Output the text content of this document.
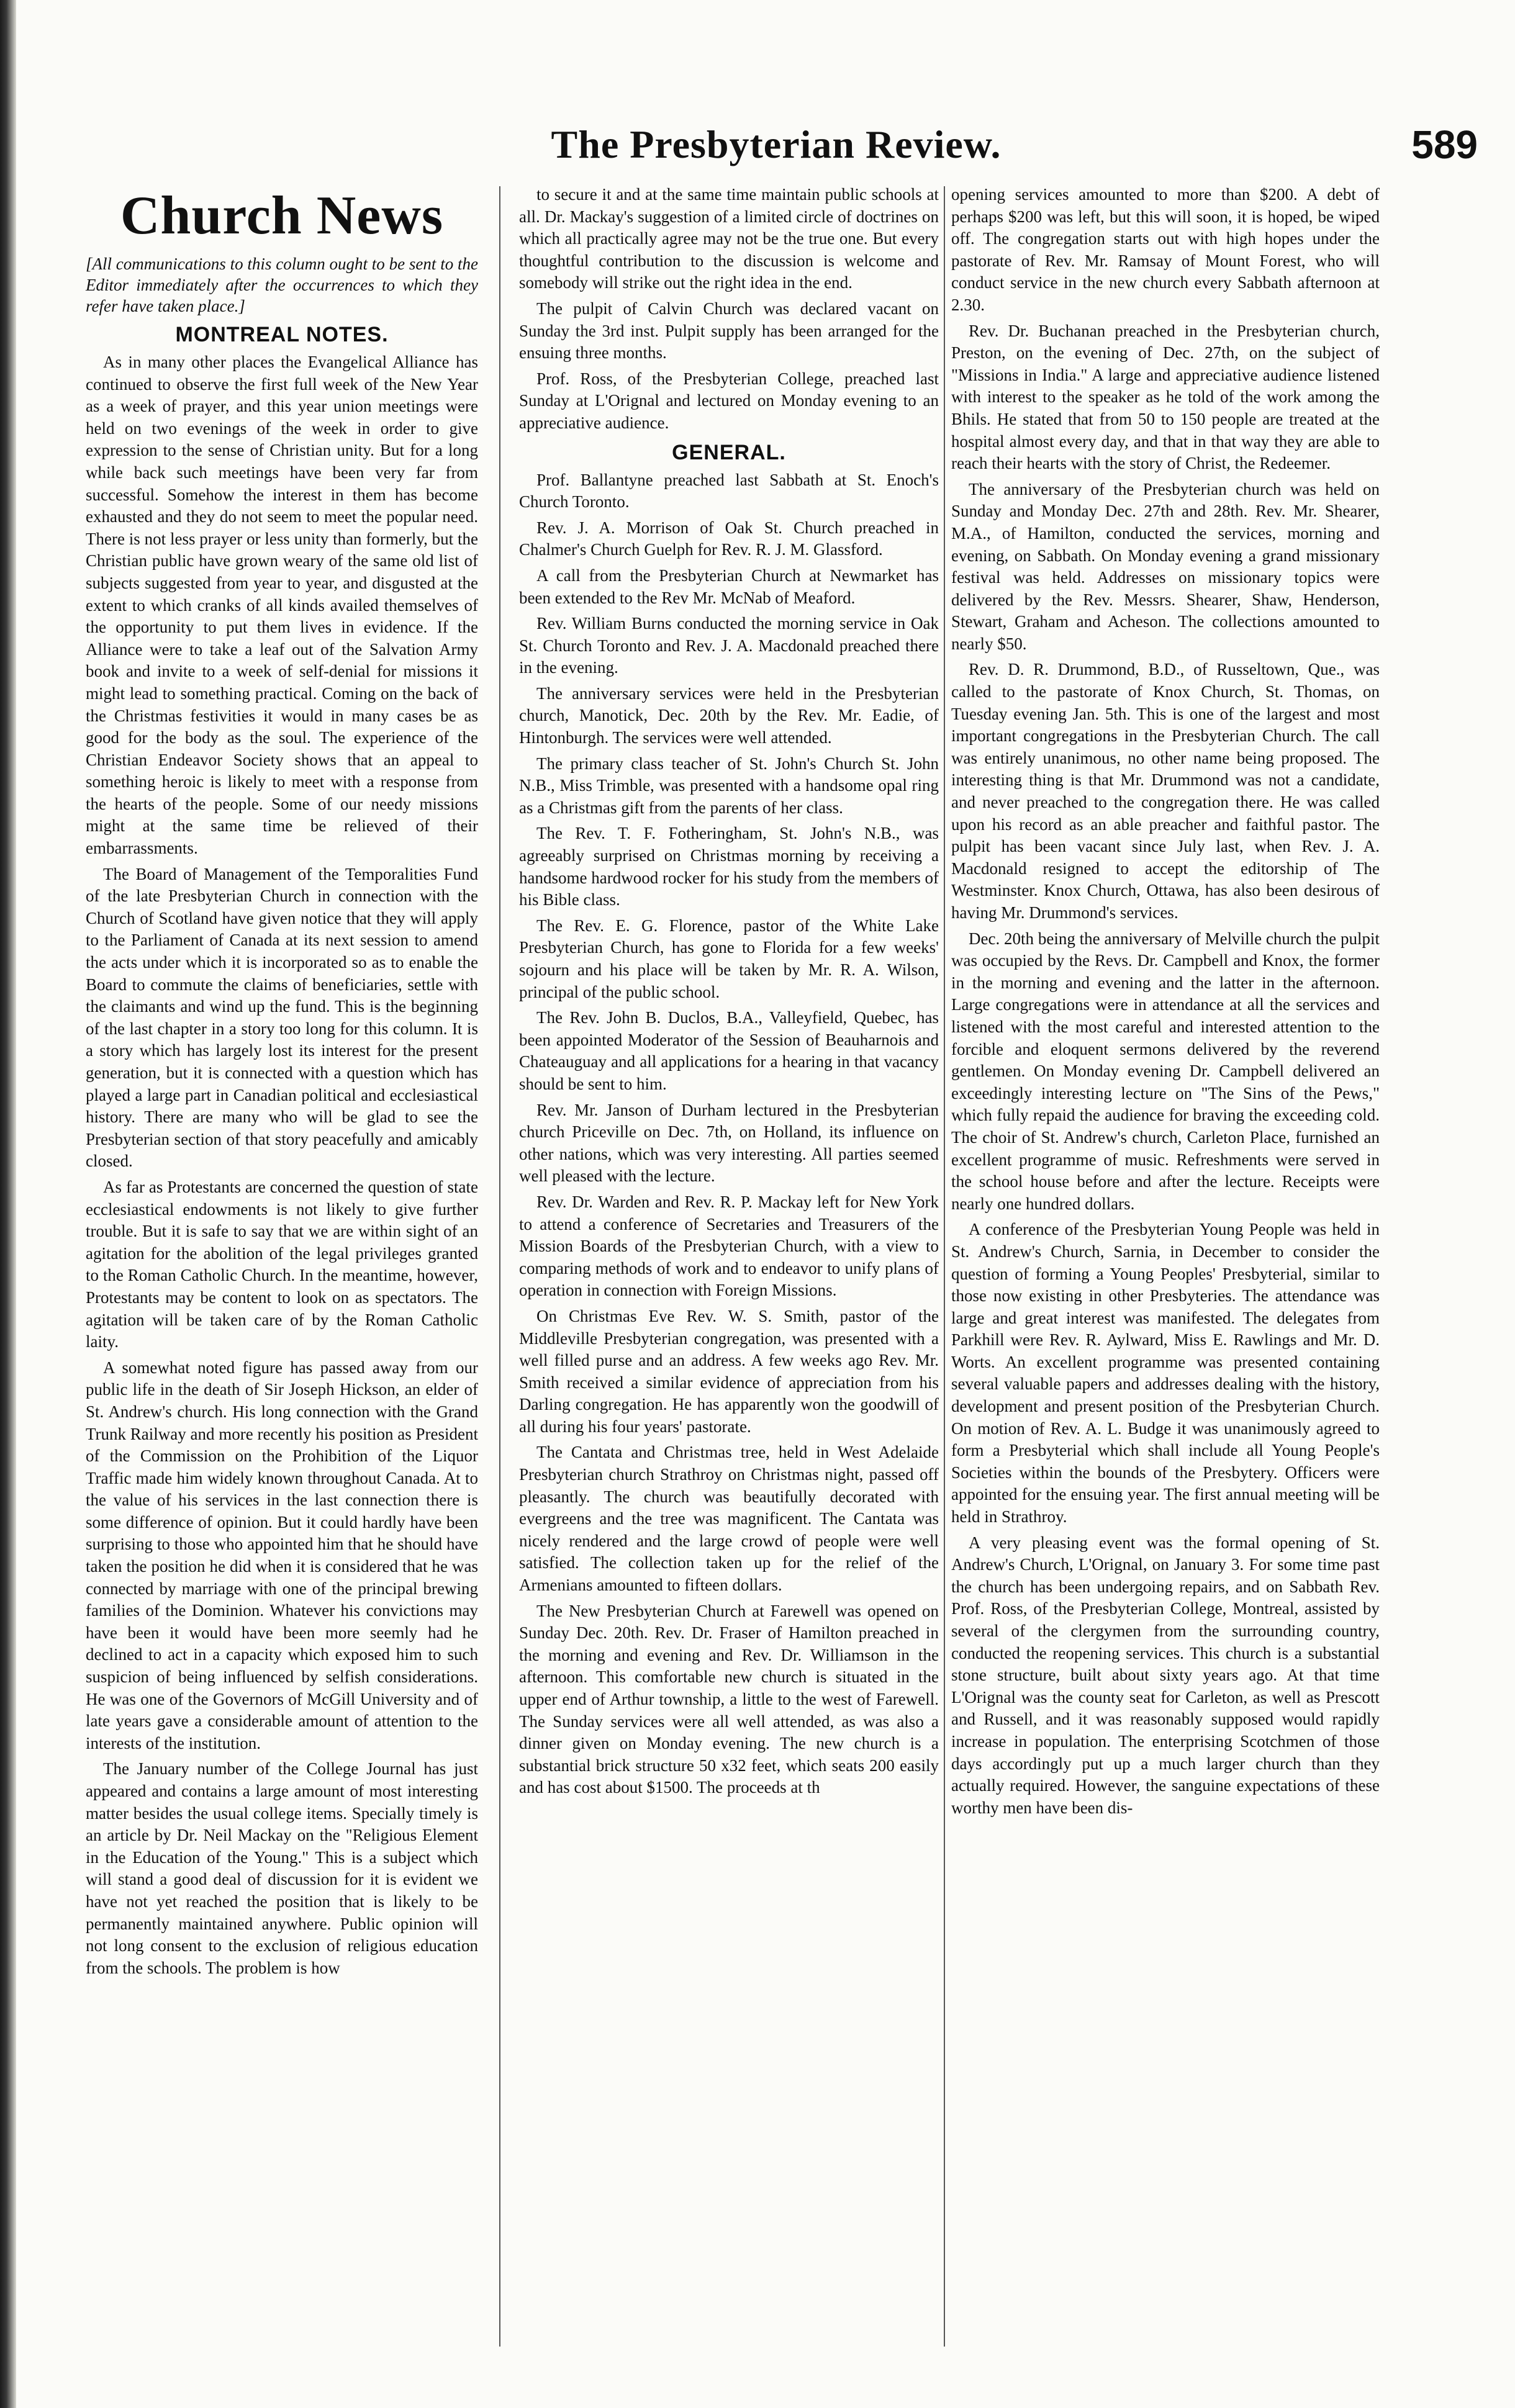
The Presbyterian Review.	589
Church News
[All communications to this column ought to be sent to the Editor immediately after the occurrences to which they refer have taken place.]
MONTREAL NOTES.

As in many other places the Evangelical Alliance has continued to observe the first full week of the New Year as a week of prayer, and this year union meetings were held on two evenings of the week in order to give expression to the sense of Christian unity. But for a long while back such meetings have been very far from successful. Somehow the interest in them has become exhausted and they do not seem to meet the popular need. There is not less prayer or less unity than formerly, but the Christian public have grown weary of the same old list of subjects suggested from year to year, and disgusted at the extent to which cranks of all kinds availed themselves of the opportunity to put them lives in evidence. If the Alliance were to take a leaf out of the Salvation Army book and invite to a week of self-denial for missions it might lead to something practical. Coming on the back of the Christmas festivities it would in many cases be as good for the body as the soul. The experience of the Christian Endeavor Society shows that an appeal to something heroic is likely to meet with a response from the hearts of the people. Some of our needy missions might at the same time be relieved of their embarrassments.

The Board of Management of the Temporalities Fund of the late Presbyterian Church in connection with the Church of Scotland have given notice that they will apply to the Parliament of Canada at its next session to amend the acts under which it is incorporated so as to enable the Board to commute the claims of beneficiaries, settle with the claimants and wind up the fund. This is the beginning of the last chapter in a story too long for this column. It is a story which has largely lost its interest for the present generation, but it is connected with a question which has played a large part in Canadian political and ecclesiastical history. There are many who will be glad to see the Presbyterian section of that story peacefully and amicably closed.

As far as Protestants are concerned the question of state ecclesiastical endowments is not likely to give further trouble. But it is safe to say that we are within sight of an agitation for the abolition of the legal privileges granted to the Roman Catholic Church. In the meantime, however, Protestants may be content to look on as spectators. The agitation will be taken care of by the Roman Catholic laity.

A somewhat noted figure has passed away from our public life in the death of Sir Joseph Hickson, an elder of St. Andrew's church. His long connection with the Grand Trunk Railway and more recently his position as President of the Commission on the Prohibition of the Liquor Traffic made him widely known throughout Canada. At to the value of his services in the last connection there is some difference of opinion. But it could hardly have been surprising to those who appointed him that he should have taken the position he did when it is considered that he was connected by marriage with one of the principal brewing families of the Dominion. Whatever his convictions may have been it would have been more seemly had he declined to act in a capacity which exposed him to such suspicion of being influenced by selfish considerations. He was one of the Governors of McGill University and of late years gave a considerable amount of attention to the interests of the institution.

The January number of the College Journal has just appeared and contains a large amount of most interesting matter besides the usual college items. Specially timely is an article by Dr. Neil Mackay on the "Religious Element in the Education of the Young." This is a subject which will stand a good deal of discussion for it is evident we have not yet reached the position that is likely to be permanently maintained anywhere. Public opinion will not long consent to the exclusion of religious education from the schools. The problem is how

to secure it and at the same time maintain public schools at all. Dr. Mackay's suggestion of a limited circle of doctrines on which all practically agree may not be the true one. But every thoughtful contribution to the discussion is welcome and somebody will strike out the right idea in the end.

The pulpit of Calvin Church was declared vacant on Sunday the 3rd inst. Pulpit supply has been arranged for the ensuing three months.

Prof. Ross, of the Presbyterian College, preached last Sunday at L'Orignal and lectured on Monday evening to an appreciative audience.

GENERAL.

Prof. Ballantyne preached last Sabbath at St. Enoch's Church Toronto.

Rev. J. A. Morrison of Oak St. Church preached in Chalmer's Church Guelph for Rev. R. J. M. Glassford.

A call from the Presbyterian Church at Newmarket has been extended to the Rev Mr. McNab of Meaford.

Rev. William Burns conducted the morning service in Oak St. Church Toronto and Rev. J. A. Macdonald preached there in the evening.

The anniversary services were held in the Presbyterian church, Manotick, Dec. 20th by the Rev. Mr. Eadie, of Hintonburgh. The services were well attended.

The primary class teacher of St. John's Church St. John N.B., Miss Trimble, was presented with a handsome opal ring as a Christmas gift from the parents of her class.

The Rev. T. F. Fotheringham, St. John's N.B., was agreeably surprised on Christmas morning by receiving a handsome hardwood rocker for his study from the members of his Bible class.

The Rev. E. G. Florence, pastor of the White Lake Presbyterian Church, has gone to Florida for a few weeks' sojourn and his place will be taken by Mr. R. A. Wilson, principal of the public school.

The Rev. John B. Duclos, B.A., Valleyfield, Quebec, has been appointed Moderator of the Session of Beauharnois and Chateauguay and all applications for a hearing in that vacancy should be sent to him.

Rev. Mr. Janson of Durham lectured in the Presbyterian church Priceville on Dec. 7th, on Holland, its influence on other nations, which was very interesting. All parties seemed well pleased with the lecture.

Rev. Dr. Warden and Rev. R. P. Mackay left for New York to attend a conference of Secretaries and Treasurers of the Mission Boards of the Presbyterian Church, with a view to comparing methods of work and to endeavor to unify plans of operation in connection with Foreign Missions.

On Christmas Eve Rev. W. S. Smith, pastor of the Middleville Presbyterian congregation, was presented with a well filled purse and an address. A few weeks ago Rev. Mr. Smith received a similar evidence of appreciation from his Darling congregation. He has apparently won the goodwill of all during his four years' pastorate.

The Cantata and Christmas tree, held in West Adelaide Presbyterian church Strathroy on Christmas night, passed off pleasantly. The church was beautifully decorated with evergreens and the tree was magnificent. The Cantata was nicely rendered and the large crowd of people were well satisfied. The collection taken up for the relief of the Armenians amounted to fifteen dollars.

The New Presbyterian Church at Farewell was opened on Sunday Dec. 20th. Rev. Dr. Fraser of Hamilton preached in the morning and evening and Rev. Dr. Williamson in the afternoon. This comfortable new church is situated in the upper end of Arthur township, a little to the west of Farewell. The Sunday services were all well attended, as was also a dinner given on Monday evening. The new church is a substantial brick structure 50 x32 feet, which seats 200 easily and has cost about $1500. The proceeds at th

opening services amounted to more than $200. A debt of perhaps $200 was left, but this will soon, it is hoped, be wiped off. The congregation starts out with high hopes under the pastorate of Rev. Mr. Ramsay of Mount Forest, who will conduct service in the new church every Sabbath afternoon at 2.30.

Rev. Dr. Buchanan preached in the Presbyterian church, Preston, on the evening of Dec. 27th, on the subject of "Missions in India." A large and appreciative audience listened with interest to the speaker as he told of the work among the Bhils. He stated that from 50 to 150 people are treated at the hospital almost every day, and that in that way they are able to reach their hearts with the story of Christ, the Redeemer.

The anniversary of the Presbyterian church was held on Sunday and Monday Dec. 27th and 28th. Rev. Mr. Shearer, M.A., of Hamilton, conducted the services, morning and evening, on Sabbath. On Monday evening a grand missionary festival was held. Addresses on missionary topics were delivered by the Rev. Messrs. Shearer, Shaw, Henderson, Stewart, Graham and Acheson. The collections amounted to nearly $50.

Rev. D. R. Drummond, B.D., of Russeltown, Que., was called to the pastorate of Knox Church, St. Thomas, on Tuesday evening Jan. 5th. This is one of the largest and most important congregations in the Presbyterian Church. The call was entirely unanimous, no other name being proposed. The interesting thing is that Mr. Drummond was not a candidate, and never preached to the congregation there. He was called upon his record as an able preacher and faithful pastor. The pulpit has been vacant since July last, when Rev. J. A. Macdonald resigned to accept the editorship of The Westminster. Knox Church, Ottawa, has also been desirous of having Mr. Drummond's services.

Dec. 20th being the anniversary of Melville church the pulpit was occupied by the Revs. Dr. Campbell and Knox, the former in the morning and evening and the latter in the afternoon. Large congregations were in attendance at all the services and listened with the most careful and interested attention to the forcible and eloquent sermons delivered by the reverend gentlemen. On Monday evening Dr. Campbell delivered an exceedingly interesting lecture on "The Sins of the Pews," which fully repaid the audience for braving the exceeding cold. The choir of St. Andrew's church, Carleton Place, furnished an excellent programme of music. Refreshments were served in the school house before and after the lecture. Receipts were nearly one hundred dollars.

A conference of the Presbyterian Young People was held in St. Andrew's Church, Sarnia, in December to consider the question of forming a Young Peoples' Presbyterial, similar to those now existing in other Presbyteries. The attendance was large and great interest was manifested. The delegates from Parkhill were Rev. R. Aylward, Miss E. Rawlings and Mr. D. Worts. An excellent programme was presented containing several valuable papers and addresses dealing with the history, development and present position of the Presbyterian Church. On motion of Rev. A. L. Budge it was unanimously agreed to form a Presbyterial which shall include all Young People's Societies within the bounds of the Presbytery. Officers were appointed for the ensuing year. The first annual meeting will be held in Strathroy.

A very pleasing event was the formal opening of St. Andrew's Church, L'Orignal, on January 3. For some time past the church has been undergoing repairs, and on Sabbath Rev. Prof. Ross, of the Presbyterian College, Montreal, assisted by several of the clergymen from the surrounding country, conducted the reopening services. This church is a substantial stone structure, built about sixty years ago. At that time L'Orignal was the county seat for Carleton, as well as Prescott and Russell, and it was reasonably supposed would rapidly increase in population. The enterprising Scotchmen of those days accordingly put up a much larger church than they actually required. However, the sanguine expectations of these worthy men have been dis-
